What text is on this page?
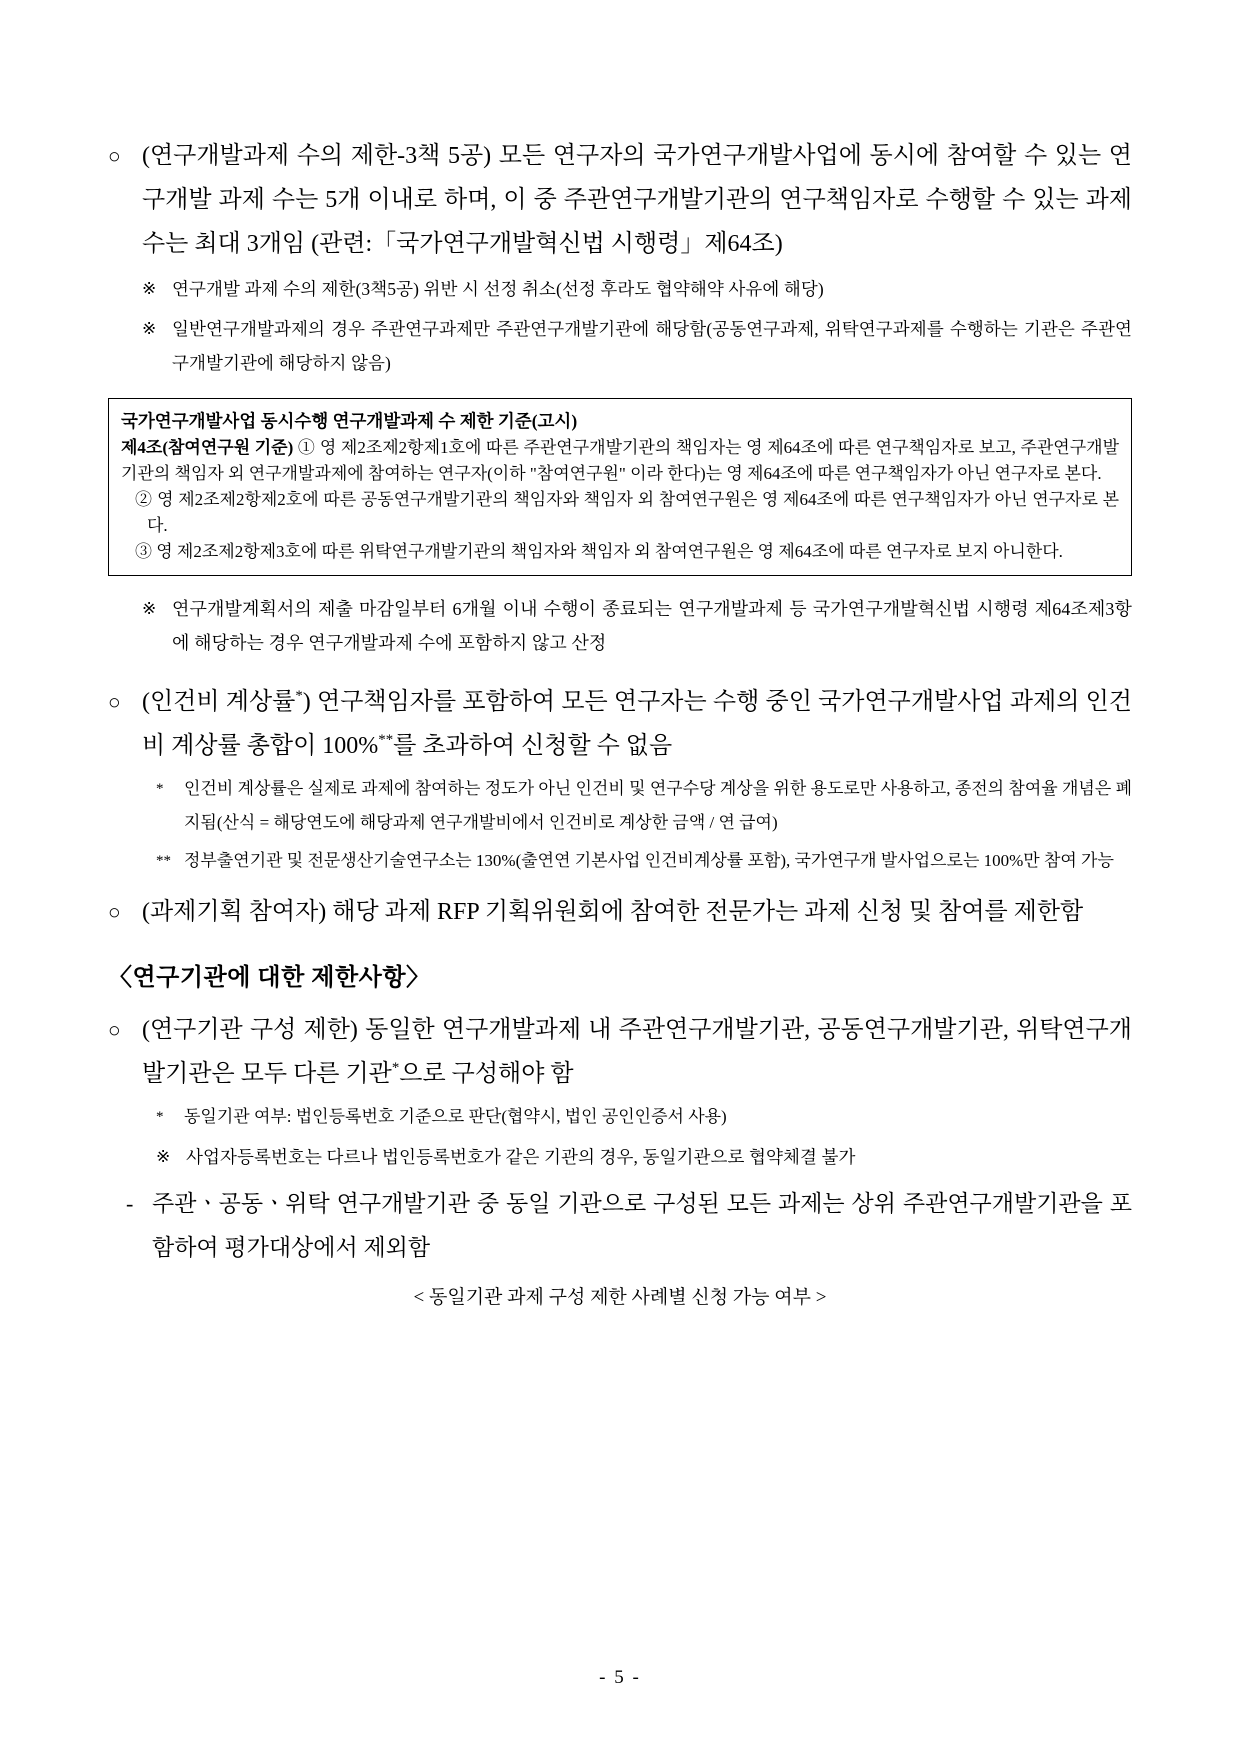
○ (연구개발과제 수의 제한-3책 5공) 모든 연구자의 국가연구개발사업에 동시에 참여할 수 있는 연구개발 과제 수는 5개 이내로 하며, 이 중 주관연구개발기관의 연구책임자로 수행할 수 있는 과제 수는 최대 3개임 (관련:「국가연구개발혁신법 시행령」제64조)
※ 연구개발 과제 수의 제한(3책5공) 위반 시 선정 취소(선정 후라도 협약해약 사유에 해당)
※ 일반연구개발과제의 경우 주관연구과제만 주관연구개발기관에 해당함(공동연구과제, 위탁연구과제를 수행하는 기관은 주관연구개발기관에 해당하지 않음)
국가연구개발사업 동시수행 연구개발과제 수 제한 기준(고시)
제4조(참여연구원 기준) ① 영 제2조제2항제1호에 따른 주관연구개발기관의 책임자는 영 제64조에 따른 연구책임자로 보고, 주관연구개발기관의 책임자 외 연구개발과제에 참여하는 연구자(이하 "참여연구원" 이라 한다)는 영 제64조에 따른 연구책임자가 아닌 연구자로 본다.
② 영 제2조제2항제2호에 따른 공동연구개발기관의 책임자와 책임자 외 참여연구원은 영 제64조에 따른 연구책임자가 아닌 연구자로 본다.
③ 영 제2조제2항제3호에 따른 위탁연구개발기관의 책임자와 책임자 외 참여연구원은 영 제64조에 따른 연구자로 보지 아니한다.
※ 연구개발계획서의 제출 마감일부터 6개월 이내 수행이 종료되는 연구개발과제 등 국가연구개발혁신법 시행령 제64조제3항에 해당하는 경우 연구개발과제 수에 포함하지 않고 산정
○ (인건비 계상률*) 연구책임자를 포함하여 모든 연구자는 수행 중인 국가연구개발사업 과제의 인건비 계상률 총합이 100%**를 초과하여 신청할 수 없음
*	인건비 계상률은 실제로 과제에 참여하는 정도가 아닌 인건비 및 연구수당 계상을 위한 용도로만 사용하고, 종전의 참여율 개념은 폐지됨(산식 = 해당연도에 해당과제 연구개발비에서 인건비로 계상한 금액 / 연 급여)
** 정부출연기관 및 전문생산기술연구소는 130%(출연연 기본사업 인건비계상률 포함), 국가연구개 발사업으로는 100%만 참여 가능
○ (과제기획 참여자) 해당 과제 RFP 기획위원회에 참여한 전문가는 과제 신청 및 참여를 제한함
〈연구기관에 대한 제한사항〉
○ (연구기관 구성 제한) 동일한 연구개발과제 내 주관연구개발기관, 공동연구개발기관, 위탁연구개발기관은 모두 다른 기관*으로 구성해야 함
*	동일기관 여부: 법인등록번호 기준으로 판단(협약시, 법인 공인인증서 사용)
※ 사업자등록번호는 다르나 법인등록번호가 같은 기관의 경우, 동일기관으로 협약체결 불가
- 주관ㆍ공동ㆍ위탁 연구개발기관 중 동일 기관으로 구성된 모든 과제는 상위 주관연구개발기관을 포함하여 평가대상에서 제외함
< 동일기관 과제 구성 제한 사례별 신청 가능 여부 >
- 5 -
